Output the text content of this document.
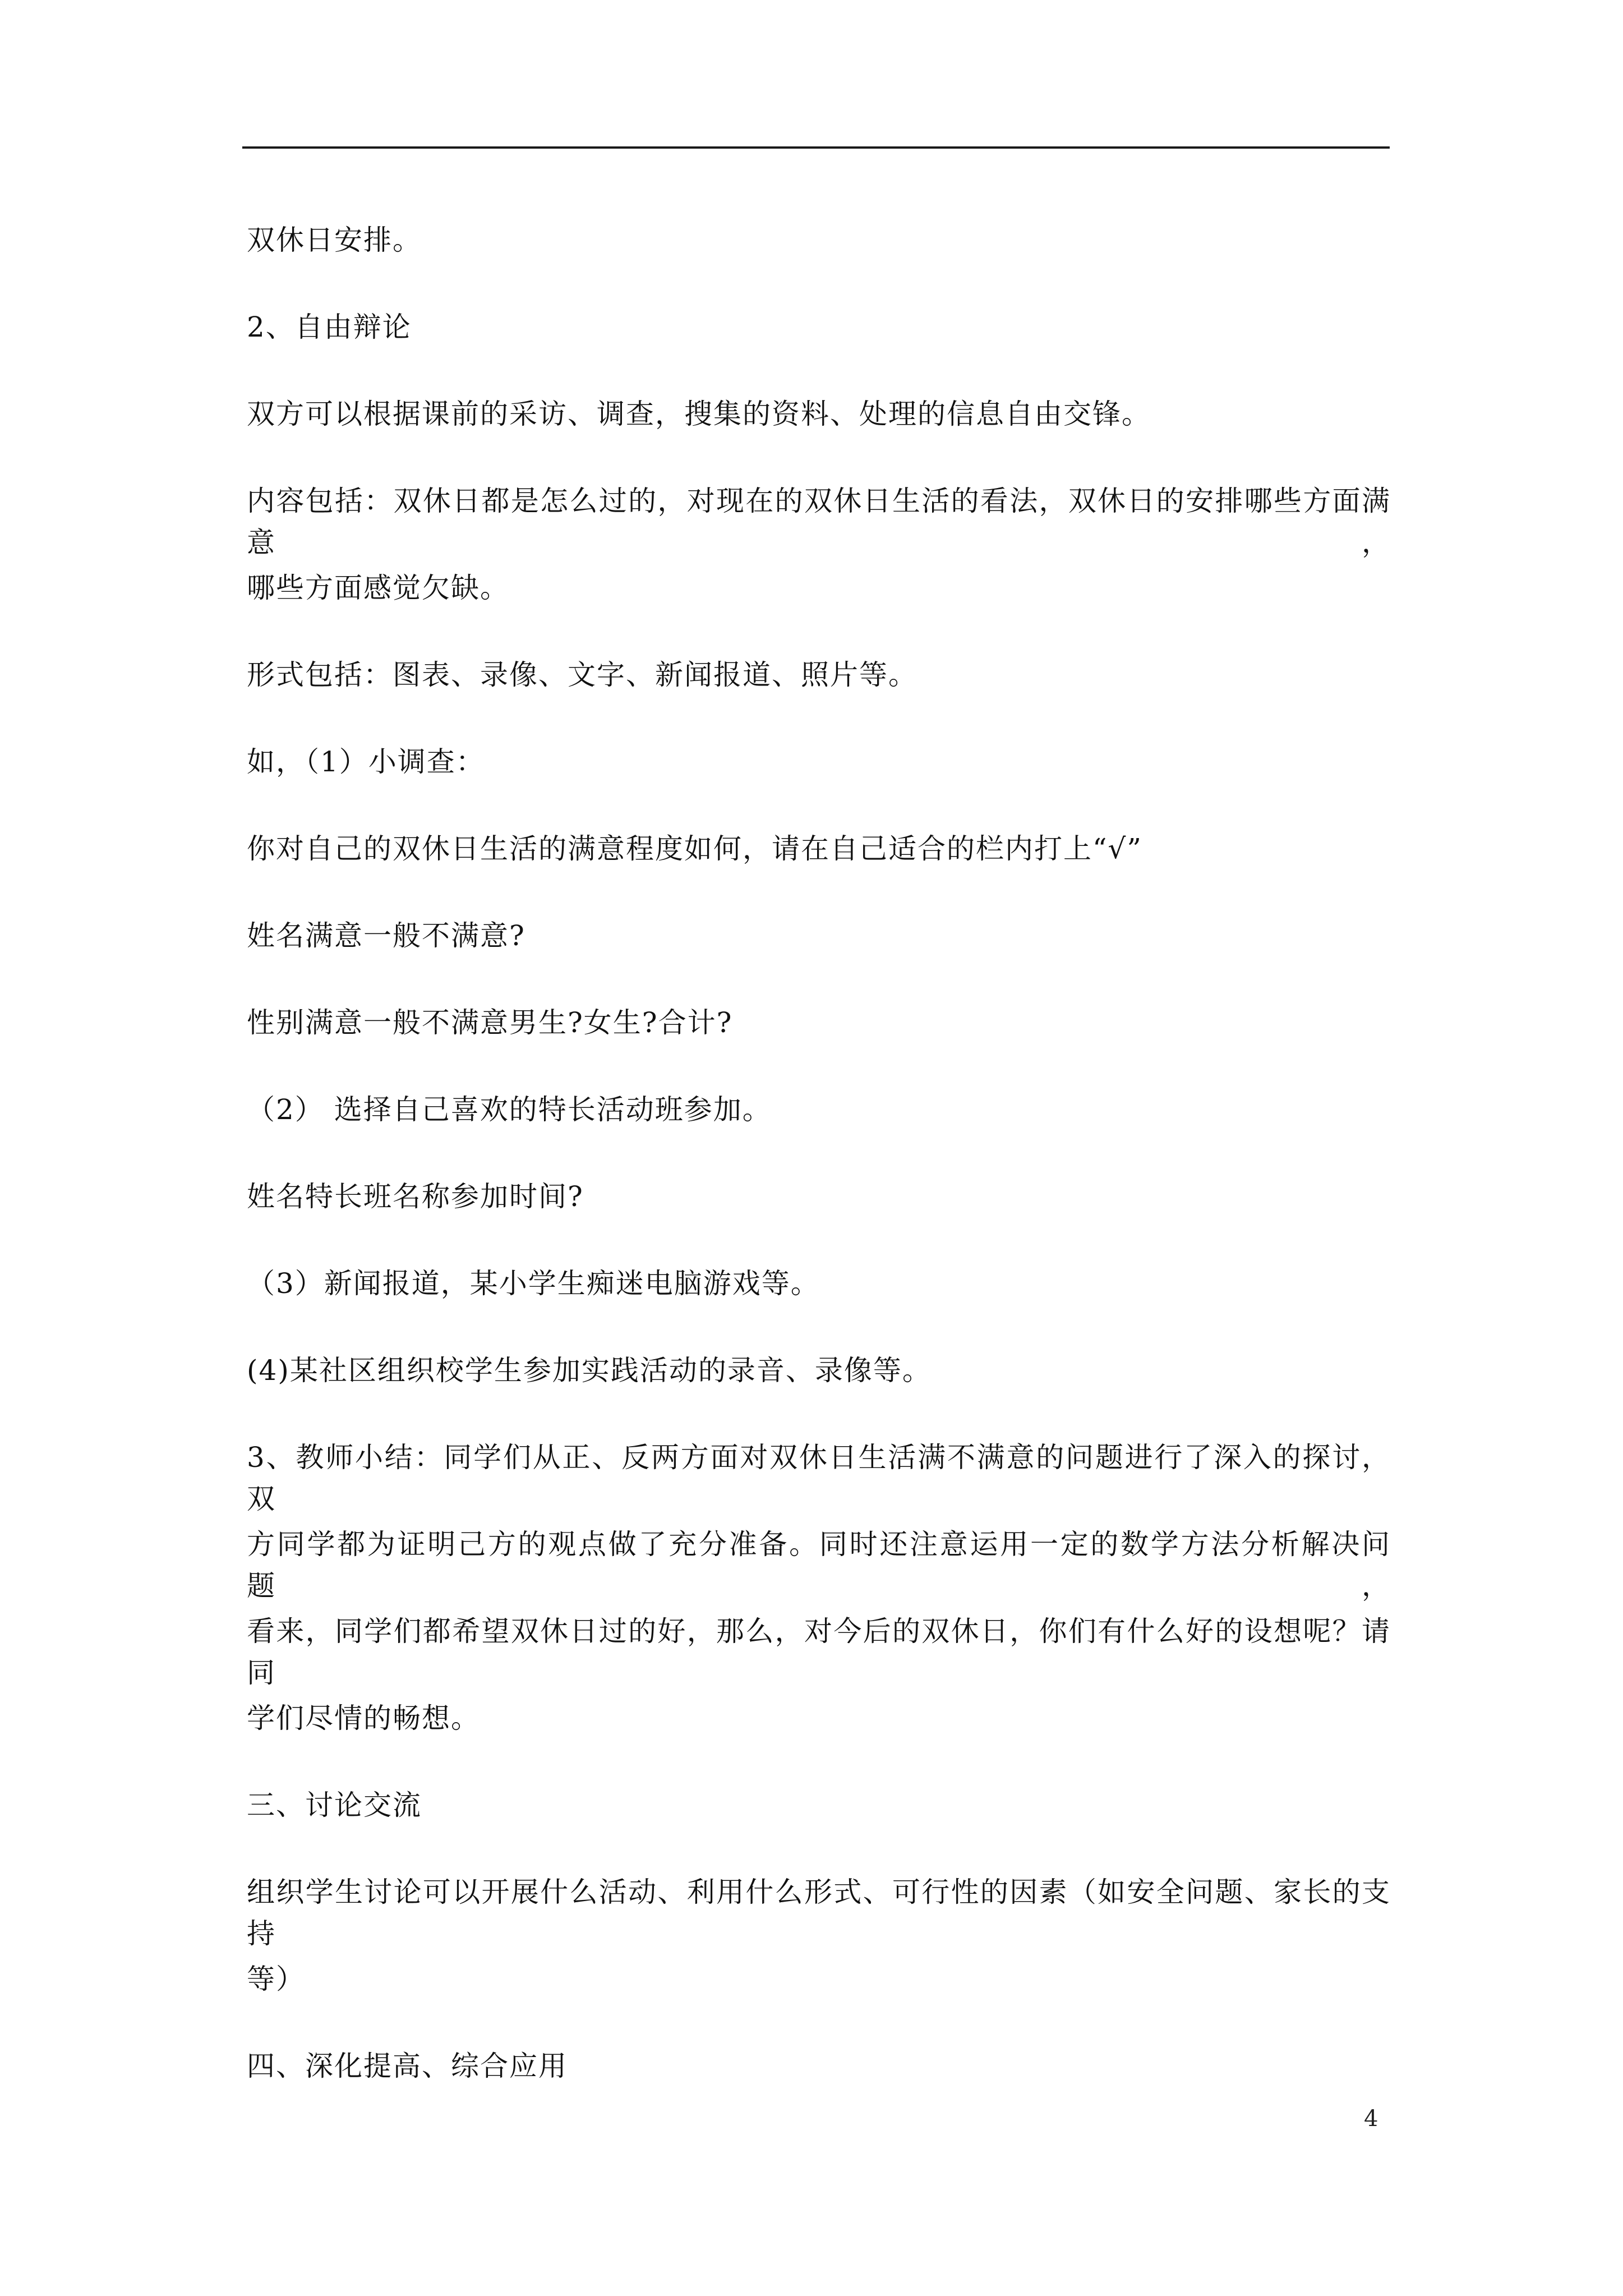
双休日安排。
2、自由辩论
双方可以根据课前的采访、调查，搜集的资料、处理的信息自由交锋。
内容包括：双休日都是怎么过的，对现在的双休日生活的看法，双休日的安排哪些方面满意，
哪些方面感觉欠缺。
形式包括：图表、录像、文字、新闻报道、照片等。
如，（1）小调查：
你对自己的双休日生活的满意程度如何，请在自己适合的栏内打上“√”
姓名满意一般不满意?
性别满意一般不满意男生?女生?合计?
（2） 选择自己喜欢的特长活动班参加。
姓名特长班名称参加时间?
（3）新闻报道，某小学生痴迷电脑游戏等。
(4)某社区组织校学生参加实践活动的录音、录像等。
3、教师小结：同学们从正、反两方面对双休日生活满不满意的问题进行了深入的探讨，双
方同学都为证明己方的观点做了充分准备。同时还注意运用一定的数学方法分析解决问题，
看来，同学们都希望双休日过的好，那么，对今后的双休日，你们有什么好的设想呢？请同
学们尽情的畅想。
三、讨论交流
组织学生讨论可以开展什么活动、利用什么形式、可行性的因素（如安全问题、家长的支持
等）
四、深化提高、综合应用
4
